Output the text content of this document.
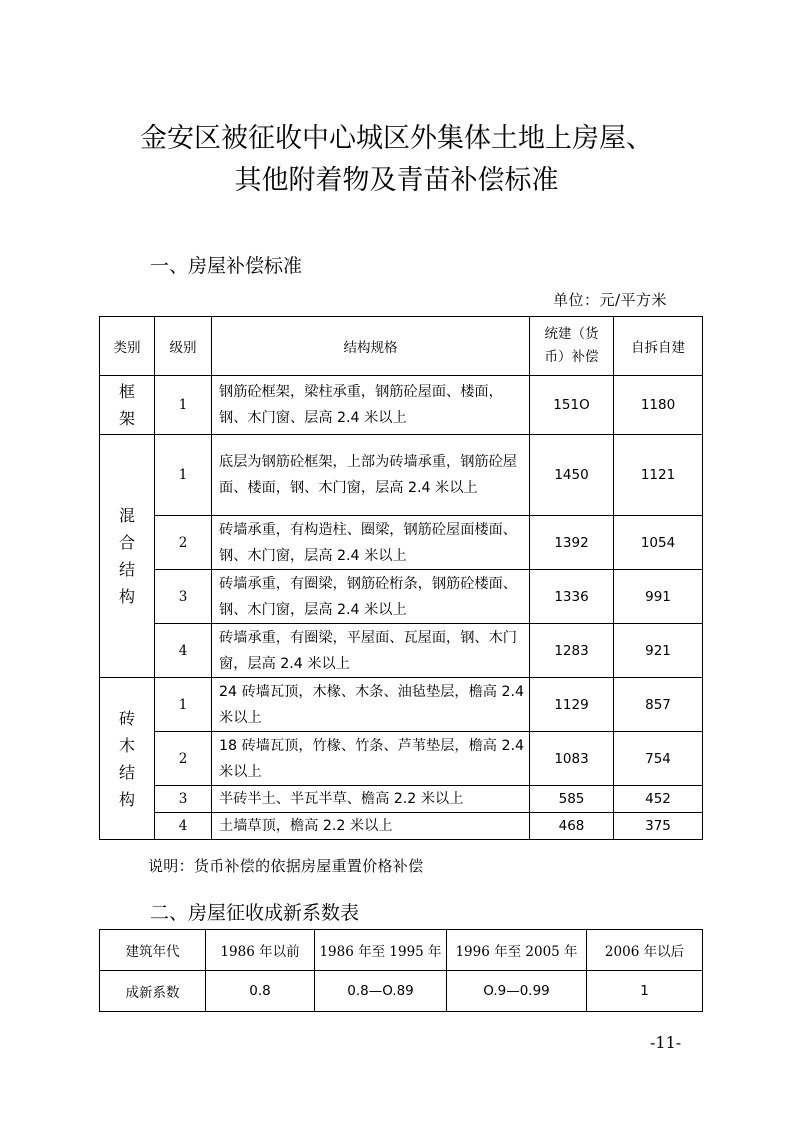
金安区被征收中心城区外集体土地上房屋、
其他附着物及青苗补偿标准
一、房屋补偿标准
单位：元/平方米
类别	级别	结构规格	统建（货
币）补偿	自拆自建

框
架	1	钢筋砼框架，梁柱承重，钢筋砼屋面、楼面，钢、木门窗、层高 2.4 米以上	151O	1180

混
合
结
构	1	底层为钢筋砼框架，上部为砖墙承重，钢筋砼屋面、楼面，钢、木门窗，层高 2.4 米以上	1450	1121
	2	砖墙承重，有构造柱、圈梁，钢筋砼屋面楼面、钢、木门窗，层高 2.4 米以上	1392	1054
	3	砖墙承重，有圈梁，钢筋砼桁条，钢筋砼楼面、钢、木门窗，层高 2.4 米以上	1336	991
	4	砖墙承重，有圈梁，平屋面、瓦屋面，钢、木门窗，层高 2.4 米以上	1283	921

砖
木
结
构	1	24 砖墙瓦顶，木椽、木条、油毡垫层，檐高 2.4 米以上	1129	857
	2	18 砖墙瓦顶，竹椽、竹条、芦苇垫层，檐高 2.4 米以上	1083	754
	3	半砖半土、半瓦半草、檐高 2.2 米以上	585	452
	4	土墙草顶，檐高 2.2 米以上	468	375
说明：货币补偿的依据房屋重置价格补偿
二、房屋征收成新系数表
建筑年代	1986 年以前	1986 年至 1995 年	1996 年至 2005 年	2006 年以后
成新系数	0.8	0.8—O.89	O.9—0.99	1
-11-
